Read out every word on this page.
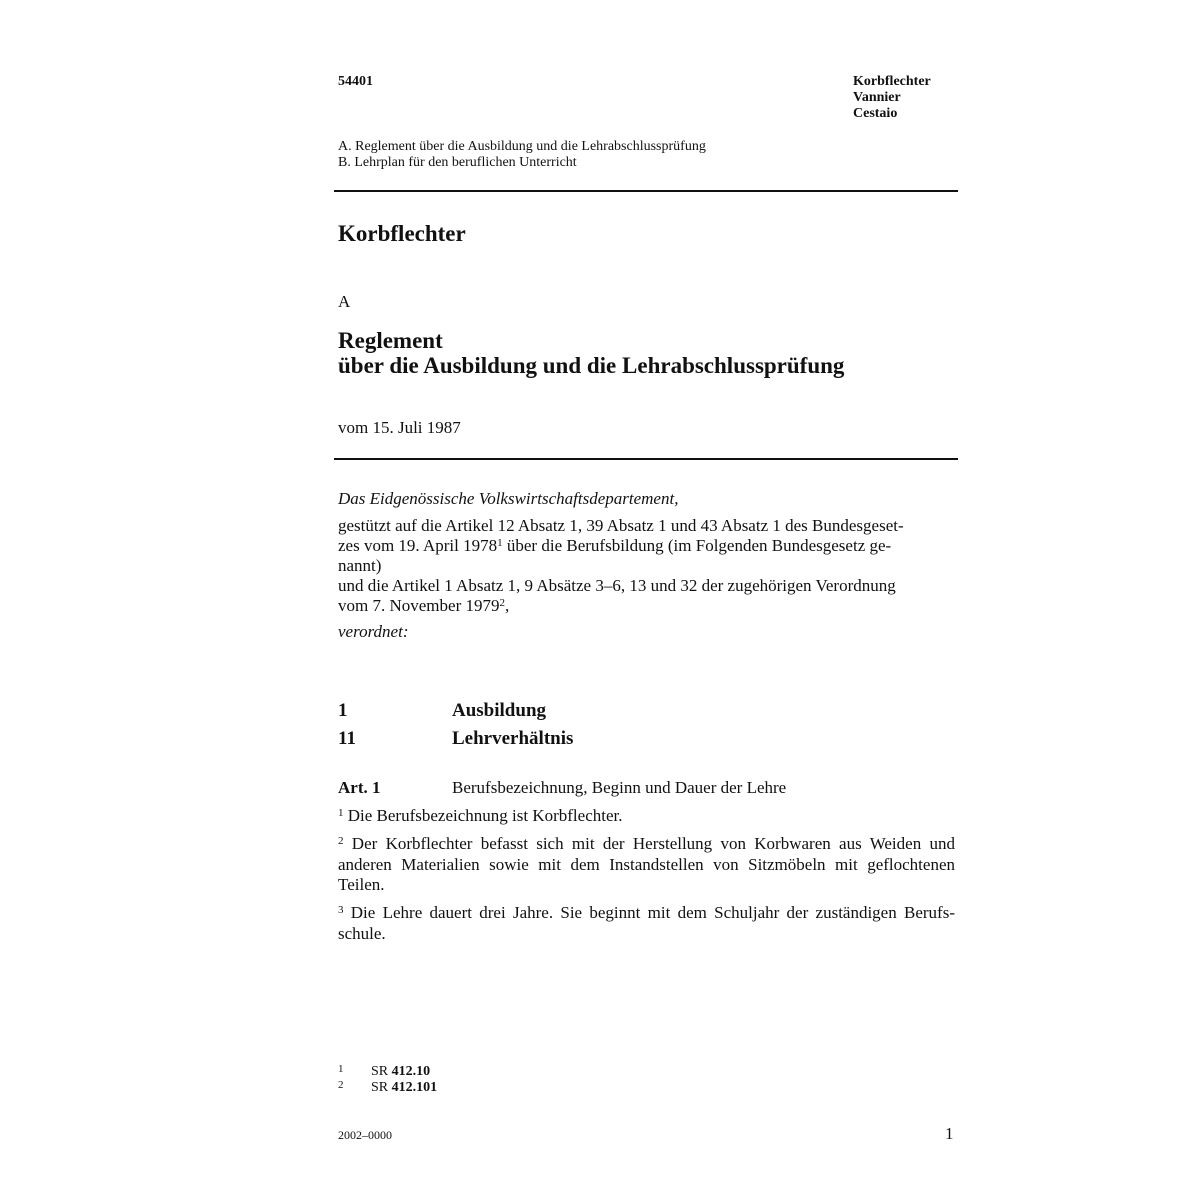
54401	Korbflechter
Vannier
Cestaio
A. Reglement über die Ausbildung und die Lehrabschlussprüfung
B. Lehrplan für den beruflichen Unterricht
Korbflechter
A
Reglement
über die Ausbildung und die Lehrabschlussprüfung
vom 15. Juli 1987
Das Eidgenössische Volkswirtschaftsdepartement,
gestützt auf die Artikel 12 Absatz 1, 39 Absatz 1 und 43 Absatz 1 des Bundesgeset-
zes vom 19. April 1978$^1$ über die Berufsbildung (im Folgenden Bundesgesetz ge-
nannt)
und die Artikel 1 Absatz 1, 9 Absätze 3–6, 13 und 32 der zugehörigen Verordnung
vom 7. November 1979$^2$,
verordnet:
1	Ausbildung
11	Lehrverhältnis
Art. 1	Berufsbezeichnung, Beginn und Dauer der Lehre
$^1$ Die Berufsbezeichnung ist Korbflechter.
$^2$ Der Korbflechter befasst sich mit der Herstellung von Korbwaren aus Weiden und anderen Materialien sowie mit dem Instandstellen von Sitzmöbeln mit geflochtenen Teilen.
$^3$ Die Lehre dauert drei Jahre. Sie beginnt mit dem Schuljahr der zuständigen Berufs-schule.
1 SR 412.10
2 SR 412.101
2002–0000	1
